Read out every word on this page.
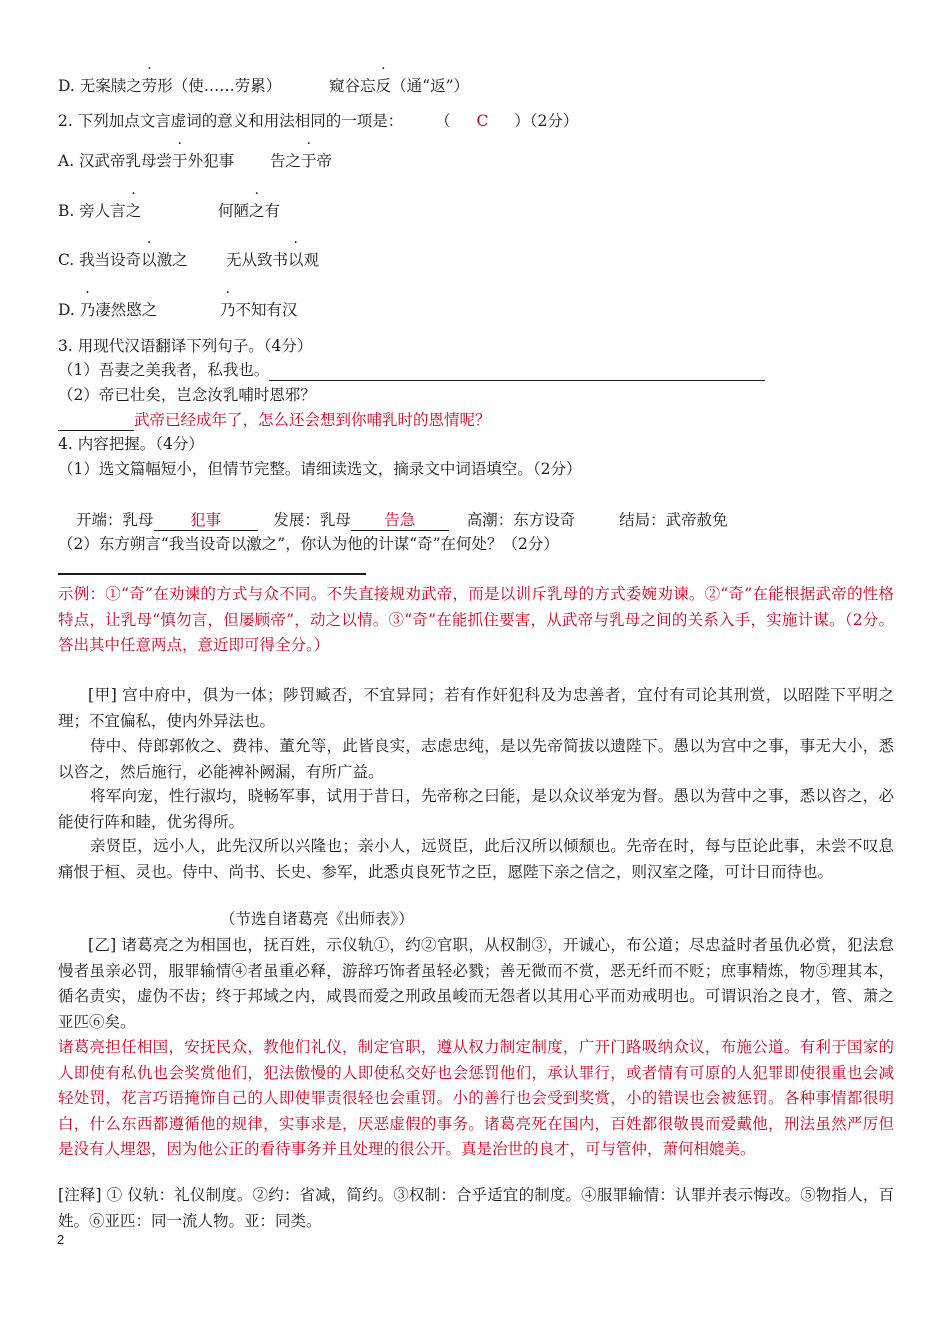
D. 无案牍之劳形（使……劳累）	窥谷忘反（通“返”）
2. 下列加点文言虚词的意义和用法相同的一项是： （ C ）（2分）
A. 汉武帝乳母尝于外犯事 告之于帝
B. 旁人言之	何陋之有
C. 我当设奇以激之 无从致书以观
D. 乃凄然愍之	乃不知有汉
3. 用现代汉语翻译下列句子。（4分）
（1）吾妻之美我者，私我也。
（2）帝已壮矣，岂念汝乳哺时恩邪？
武帝已经成年了，怎么还会想到你哺乳时的恩情呢？
4. 内容把握。（4分）
（1）选文篇幅短小，但情节完整。请细读选文，摘录文中词语填空。（2分）
开端：乳母 犯事	发展：乳母 告急	高潮：东方设奇	结局：武帝赦免
（2）东方朔言“我当设奇以激之”，你认为他的计谋“奇”在何处？（2分）
示例：①“奇”在劝谏的方式与众不同。不失直接规劝武帝，而是以训斥乳母的方式委婉劝谏。②“奇”在能根据武帝的性格特点，让乳母“慎勿言，但屡顾帝”，动之以情。③“奇”在能抓住要害，从武帝与乳母之间的关系入手，实施计谋。（2分。答出其中任意两点，意近即可得全分。）
[甲] 宫中府中，俱为一体；陟罚臧否，不宜异同；若有作奸犯科及为忠善者，宜付有司论其刑赏，以昭陛下平明之理；不宜偏私，使内外异法也。
侍中、侍郎郭攸之、费祎、董允等，此皆良实，志虑忠纯，是以先帝简拔以遗陛下。愚以为宫中之事，事无大小，悉以咨之，然后施行，必能裨补阙漏，有所广益。
将军向宠，性行淑均，晓畅军事，试用于昔日，先帝称之曰能，是以众议举宠为督。愚以为营中之事，悉以咨之，必能使行阵和睦，优劣得所。
亲贤臣，远小人，此先汉所以兴隆也；亲小人，远贤臣，此后汉所以倾颓也。先帝在时，每与臣论此事，未尝不叹息痛恨于桓、灵也。侍中、尚书、长史、参军，此悉贞良死节之臣，愿陛下亲之信之，则汉室之隆，可计日而待也。
（节选自诸葛亮《出师表》）
[乙] 诸葛亮之为相国也，抚百姓，示仪轨①，约②官职，从权制③，开诚心，布公道；尽忠益时者虽仇必赏，犯法怠慢者虽亲必罚，服罪输情④者虽重必释，游辞巧饰者虽轻必戮；善无微而不赏，恶无纤而不贬；庶事精炼，物⑤理其本，循名责实，虚伪不齿；终于邦域之内，咸畏而爱之刑政虽峻而无怨者以其用心平而劝戒明也。可谓识治之良才，管、萧之亚匹⑥矣。
诸葛亮担任相国，安抚民众，教他们礼仪，制定官职，遵从权力制定制度，广开门路吸纳众议，布施公道。有利于国家的人即使有私仇也会奖赏他们，犯法傲慢的人即使私交好也会惩罚他们，承认罪行，或者情有可原的人犯罪即使很重也会减轻处罚，花言巧语掩饰自己的人即使罪责很轻也会重罚。小的善行也会受到奖赏，小的错误也会被惩罚。各种事情都很明白，什么东西都遵循他的规律，实事求是，厌恶虚假的事务。诸葛亮死在国内，百姓都很敬畏而爱戴他，刑法虽然严厉但是没有人埋怨，因为他公正的看待事务并且处理的很公开。真是治世的良才，可与管仲，萧何相媲美。
[注释] ① 仪轨：礼仪制度。②约：省减，简约。③权制：合乎适宜的制度。④服罪输情：认罪并表示悔改。⑤物指人，百姓。⑥亚匹：同一流人物。亚：同类。
2
